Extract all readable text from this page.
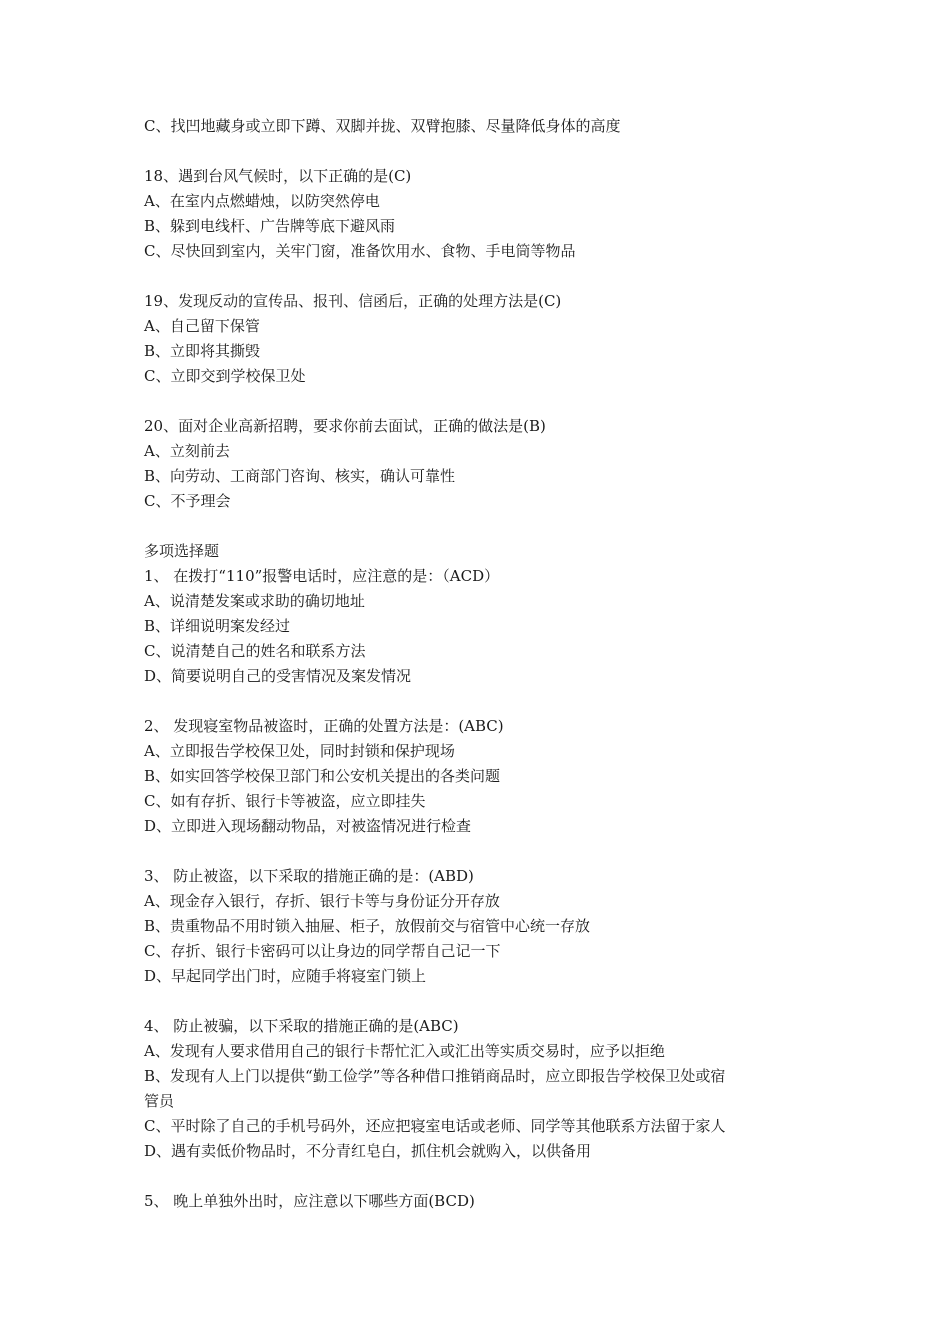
C、找凹地藏身或立即下蹲、双脚并拢、双臂抱膝、尽量降低身体的高度
18、遇到台风气候时，以下正确的是(C)
A、在室内点燃蜡烛，以防突然停电
B、躲到电线杆、广告牌等底下避风雨
C、尽快回到室内，关牢门窗，准备饮用水、食物、手电筒等物品
19、发现反动的宣传品、报刊、信函后，正确的处理方法是(C)
A、自己留下保管
B、立即将其撕毁
C、立即交到学校保卫处
20、面对企业高新招聘，要求你前去面试，正确的做法是(B)
A、立刻前去
B、向劳动、工商部门咨询、核实，确认可靠性
C、不予理会
多项选择题
1、 在拨打“110”报警电话时，应注意的是：（ACD）
A、说清楚发案或求助的确切地址
B、详细说明案发经过
C、说清楚自己的姓名和联系方法
D、简要说明自己的受害情况及案发情况
2、 发现寝室物品被盗时，正确的处置方法是：(ABC)
A、立即报告学校保卫处，同时封锁和保护现场
B、如实回答学校保卫部门和公安机关提出的各类问题
C、如有存折、银行卡等被盗，应立即挂失
D、立即进入现场翻动物品，对被盗情况进行检查
3、 防止被盗，以下采取的措施正确的是：(ABD)
A、现金存入银行，存折、银行卡等与身份证分开存放
B、贵重物品不用时锁入抽屉、柜子，放假前交与宿管中心统一存放
C、存折、银行卡密码可以让身边的同学帮自己记一下
D、早起同学出门时，应随手将寝室门锁上
4、 防止被骗，以下采取的措施正确的是(ABC)
A、发现有人要求借用自己的银行卡帮忙汇入或汇出等实质交易时，应予以拒绝
B、发现有人上门以提供“勤工俭学”等各种借口推销商品时，应立即报告学校保卫处或宿
管员
C、平时除了自己的手机号码外，还应把寝室电话或老师、同学等其他联系方法留于家人
D、遇有卖低价物品时，不分青红皂白，抓住机会就购入，以供备用
5、 晚上单独外出时，应注意以下哪些方面(BCD)
